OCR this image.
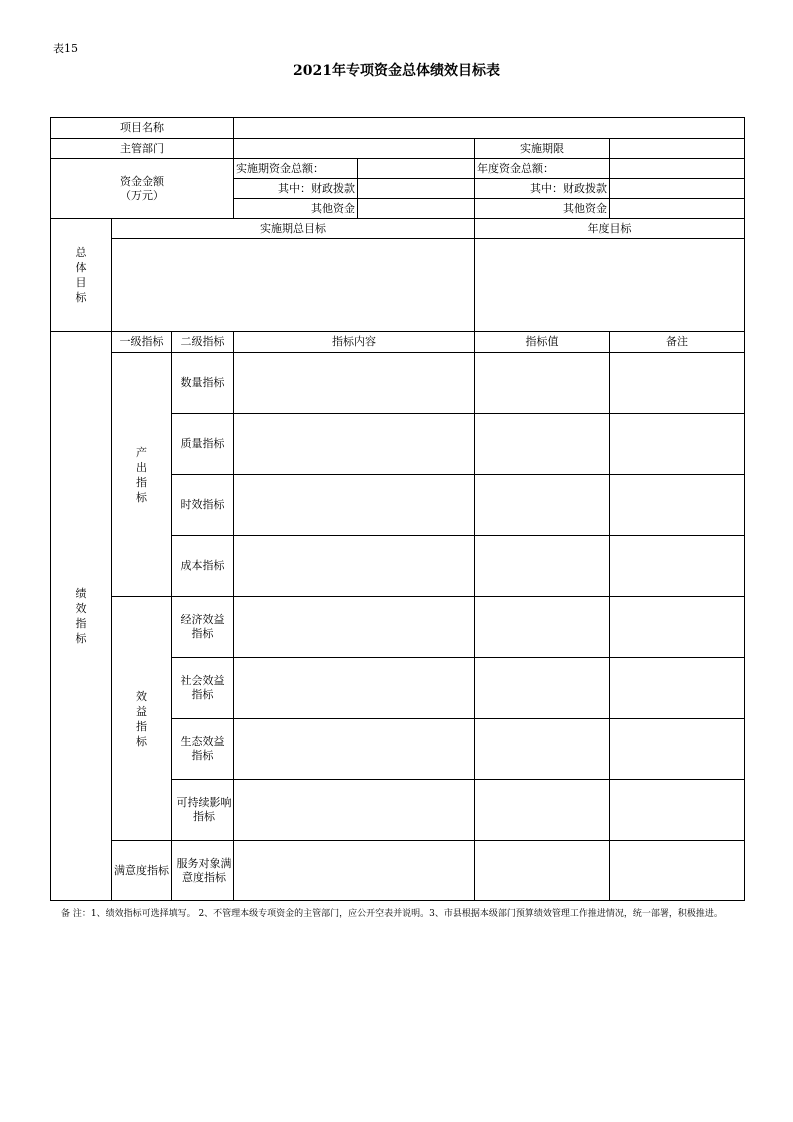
表15
2021年专项资金总体绩效目标表
项目名称						
主管部门					实施期限	

资金金额
（万元）			实施期资金总额：		年度资金总额：	
			其中：财政拨款		其中：财政拨款	
			其他资金		其他资金	
总体目标	实施期总目标				年度目标	

绩效指标	一级指标	二级指标	指标内容		指标值	备注
	产出指标	数量指标				
		质量指标				
		时效指标				
		成本指标				
	效益指标	经济效益指标				

		社会效益指标				

		生态效益指标				

		可持续影响指标				

	满意度指标	服务对象满意度指标				

备 注：1、绩效指标可选择填写。 2、不管理本级专项资金的主管部门，应公开空表并说明。3、市县根据本级部门预算绩效管理工作推进情况，统一部署，积极推进。
